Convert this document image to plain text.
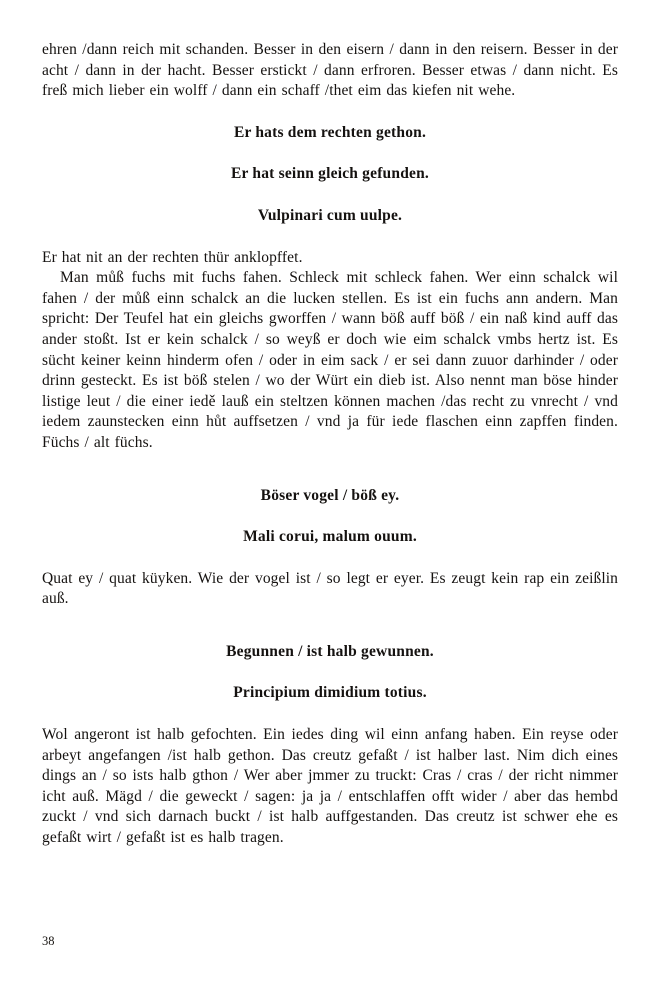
ehren /dann reich mit schanden. Besser in den eisern / dann in den reisern. Besser in der acht / dann in der hacht. Besser erstickt / dann erfroren. Besser etwas / dann nicht. Es freß mich lieber ein wolff / dann ein schaff /thet eim das kiefen nit wehe.

Er hats dem rechten gethon.
Er hat seinn gleich gefunden.
Vulpinari cum uulpe.

Er hat nit an der rechten thür anklopffet.

Man můß fuchs mit fuchs fahen. Schleck mit schleck fahen. Wer einn schalck wil fahen / der můß einn schalck an die lucken stellen. Es ist ein fuchs ann andern. Man spricht: Der Teufel hat ein gleichs gworffen / wann böß auff böß / ein naß kind auff das ander stoßt. Ist er kein schalck / so weyß er doch wie eim schalck vmbs hertz ist. Es sücht keiner keinn hinderm ofen / oder in eim sack / er sei dann zuuor darhinder / oder drinn gesteckt. Es ist böß stelen / wo der Würt ein dieb ist. Also nennt man böse hinder listige leut / die einer iedě lauß ein steltzen können machen /das recht zu vnrecht / vnd iedem zaunstecken einn hůt auffsetzen / vnd ja für iede flaschen einn zapffen finden. Füchs / alt füchs.

Böser vogel / böß ey.
Mali corui, malum ouum.

Quat ey / quat küyken. Wie der vogel ist / so legt er eyer. Es zeugt kein rap ein zeißlin auß.

Begunnen / ist halb gewunnen.
Principium dimidium totius.

Wol angeront ist halb gefochten. Ein iedes ding wil einn anfang haben. Ein reyse oder arbeyt angefangen /ist halb gethon. Das creutz gefaßt / ist halber last. Nim dich eines dings an / so ists halb gthon / Wer aber jmmer zu truckt: Cras / cras / der richt nimmer icht auß. Mägd / die geweckt / sagen: ja ja / entschlaffen offt wider / aber das hembd zuckt / vnd sich darnach buckt / ist halb auffgestanden. Das creutz ist schwer ehe es gefaßt wirt / gefaßt ist es halb tragen.

38
